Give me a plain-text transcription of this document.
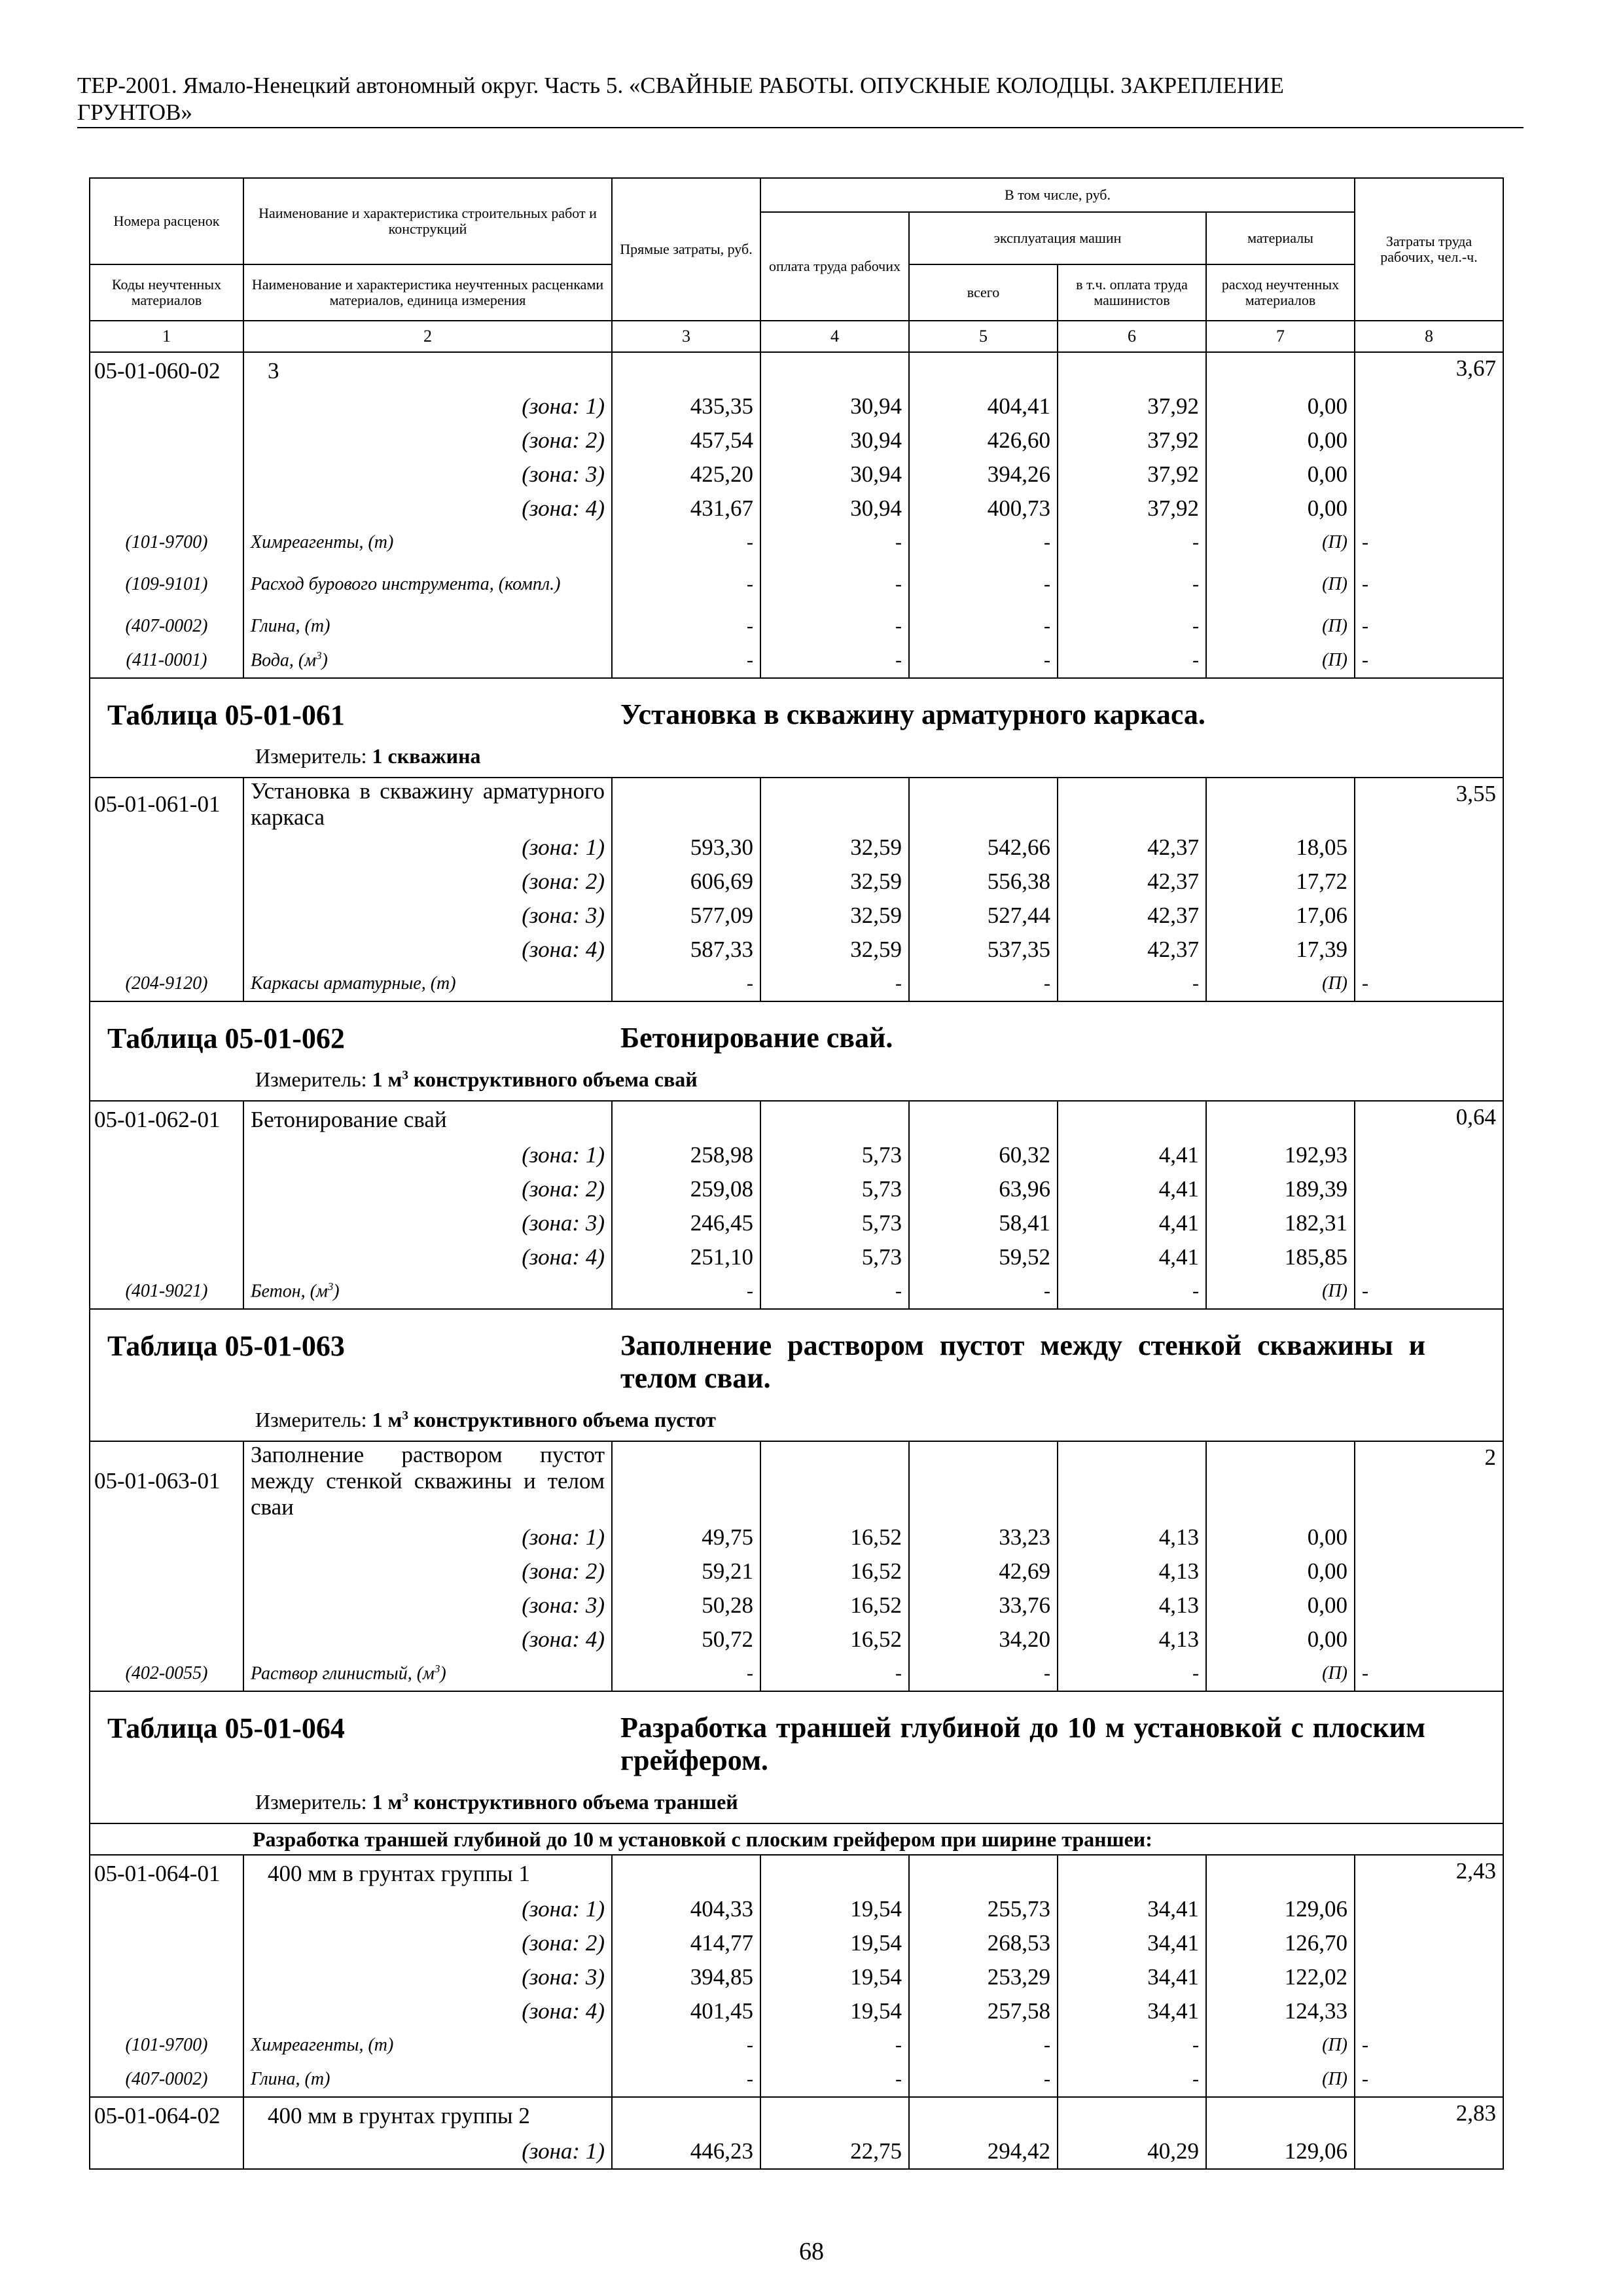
ТЕР-2001. Ямало-Ненецкий автономный округ. Часть 5. «СВАЙНЫЕ РАБОТЫ. ОПУСКНЫЕ КОЛОДЦЫ. ЗАКРЕПЛЕНИЕ
ГРУНТОВ»
Номера расценок	Наименование и характеристика строительных работ и конструкций	Прямые затраты, руб.	В том числе, руб.				Затраты труда рабочих, чел.-ч.
			оплата труда рабочих	эксплуатация машин		материалы	
Коды неучтенных материалов	Наименование и характеристика неучтенных расценками материалов, единица измерения			всего	в т.ч. оплата труда машинистов	расход неучтенных материалов	
1	2	3	4	5	6	7	8
05-01-060-02	3						3,67
	(зона: 1)	435,35	30,94	404,41	37,92	0,00	
	(зона: 2)	457,54	30,94	426,60	37,92	0,00	
	(зона: 3)	425,20	30,94	394,26	37,92	0,00	
	(зона: 4)	431,67	30,94	400,73	37,92	0,00	
(101-9700)	Химреагенты, (т)	-	-	-	-	(П)	-
(109-9101)	Расход бурового инструмента, (компл.)	-	-	-	-	(П)	-
(407-0002)	Глина, (т)	-	-	-	-	(П)	-
(411-0001)	Вода, $(м^3)$	-	-	-	-	(П)	-

Таблица 05-01-061 Установка в скважину арматурного каркаса.
Измеритель: 1 скважина							

05-01-061-01	Установка в скважину арматурного каркаса						3,55
	(зона: 1)	593,30	32,59	542,66	42,37	18,05	
	(зона: 2)	606,69	32,59	556,38	42,37	17,72	
	(зона: 3)	577,09	32,59	527,44	42,37	17,06	
	(зона: 4)	587,33	32,59	537,35	42,37	17,39	
(204-9120)	Каркасы арматурные, (т)	-	-	-	-	(П)	-

Таблица 05-01-062 Бетонирование свай.
Измеритель: 1 $м^3$ конструктивного объема свай							

05-01-062-01	Бетонирование свай						0,64
	(зона: 1)	258,98	5,73	60,32	4,41	192,93	
	(зона: 2)	259,08	5,73	63,96	4,41	189,39	
	(зона: 3)	246,45	5,73	58,41	4,41	182,31	
	(зона: 4)	251,10	5,73	59,52	4,41	185,85	
(401-9021)	Бетон, $(м^3)$	-	-	-	-	(П)	-

Таблица 05-01-063 Заполнение раствором пустот между стенкой скважины и телом сваи.
Измеритель: 1 $м^3$ конструктивного объема пустот							

05-01-063-01	Заполнение раствором пустот между стенкой скважины и телом сваи						2
	(зона: 1)	49,75	16,52	33,23	4,13	0,00	
	(зона: 2)	59,21	16,52	42,69	4,13	0,00	
	(зона: 3)	50,28	16,52	33,76	4,13	0,00	
	(зона: 4)	50,72	16,52	34,20	4,13	0,00	
(402-0055)	Раствор глинистый, $(м^3)$	-	-	-	-	(П)	-

Таблица 05-01-064 Разработка траншей глубиной до 10 м установкой с плоским грейфером.
Измеритель: 1 $м^3$ конструктивного объема траншей							

Разработка траншей глубиной до 10 м установкой с плоским грейфером при ширине траншеи:							
05-01-064-01	400 мм в грунтах группы 1						2,43
	(зона: 1)	404,33	19,54	255,73	34,41	129,06	
	(зона: 2)	414,77	19,54	268,53	34,41	126,70	
	(зона: 3)	394,85	19,54	253,29	34,41	122,02	
	(зона: 4)	401,45	19,54	257,58	34,41	124,33	
(101-9700)	Химреагенты, (т)	-	-	-	-	(П)	-
(407-0002)	Глина, (т)	-	-	-	-	(П)	-
05-01-064-02	400 мм в грунтах группы 2						2,83
	(зона: 1)	446,23	22,75	294,42	40,29	129,06	
68
